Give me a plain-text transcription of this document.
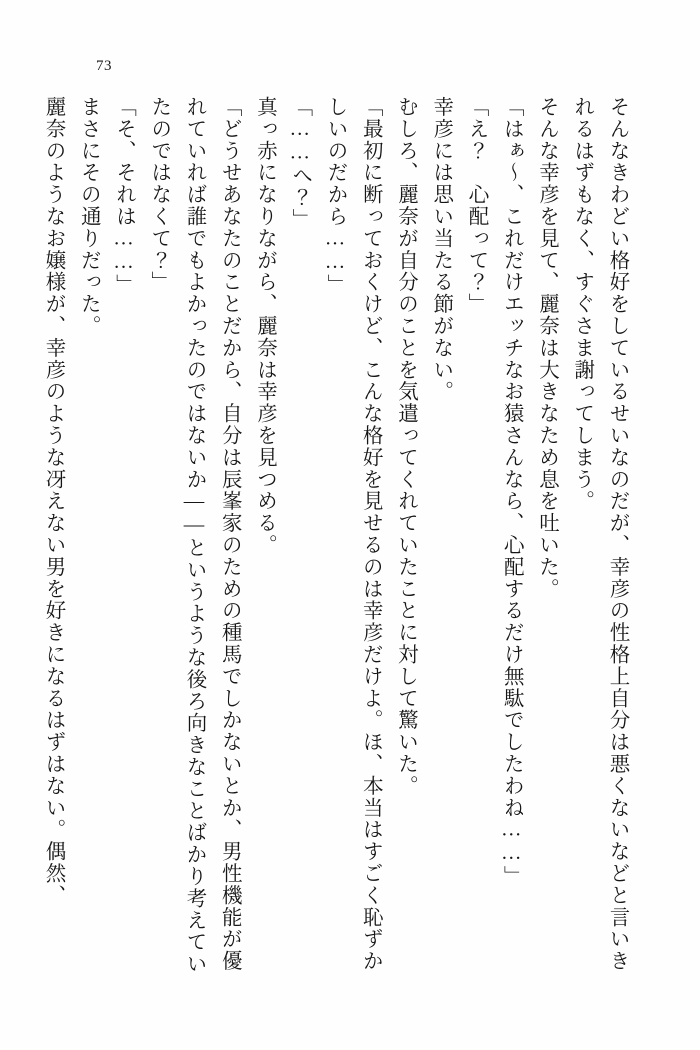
73

そんなきわどい格好をしているせいなのだが、幸彦の性格上自分は悪くないなどと言いきれるはずもなく、すぐさま謝ってしまう。

そんな幸彦を見て、麗奈は大きなため息を吐いた。

「はぁ～、これだけエッチなお猿さんなら、心配するだけ無駄でしたわね……」

「え？　心配って？」

幸彦には思い当たる節がない。

むしろ、麗奈が自分のことを気遣ってくれていたことに対して驚いた。

「最初に断っておくけど、こんな格好を見せるのは幸彦だけよ。ほ、本当はすごく恥ずかしいのだから……」

「……へ？」

真っ赤になりながら、麗奈は幸彦を見つめる。

「どうせあなたのことだから、自分は辰峯家のための種馬でしかないとか、男性機能が優れていれば誰でもよかったのではないか――というような後ろ向きなことばかり考えていたのではなくて？」

「そ、それは……」

まさにその通りだった。

麗奈のようなお嬢様が、幸彦のような冴えない男を好きになるはずはない。偶然、
